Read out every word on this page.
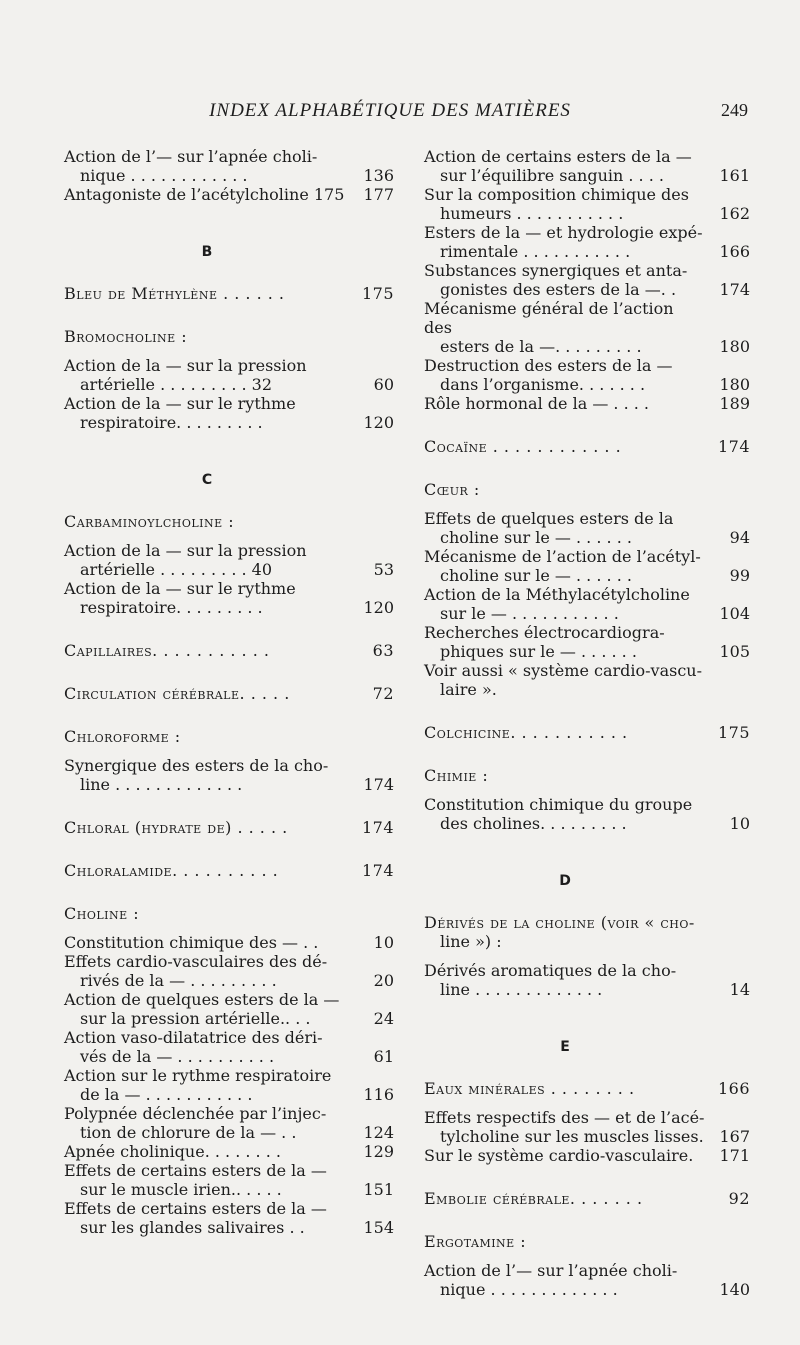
INDEX ALPHABÉTIQUE DES MATIÈRES	249
Action de l’— sur l’apnée choli-
nique . . . . . . . . . . . .	136
Antagoniste de l’acétylcholine 175	177
B
Bleu de Méthylène . . . . . .	175
Bromocholine :
Action de la — sur la pression
artérielle . . . . . . . . . 32	60
Action de la — sur le rythme
respiratoire. . . . . . . . .	120
C
Carbaminoylcholine :
Action de la — sur la pression
artérielle . . . . . . . . . 40	53
Action de la — sur le rythme
respiratoire. . . . . . . . .	120
Capillaires. . . . . . . . . . .	63
Circulation cérébrale. . . . .	72
Chloroforme :
Synergique des esters de la cho-
line . . . . . . . . . . . . .	174
Chloral (hydrate de) . . . . .	174
Chloralamide. . . . . . . . . .	174
Choline :
Constitution chimique des — . .	10
Effets cardio-vasculaires des dé-
rivés de la — . . . . . . . . .	20
Action de quelques esters de la —
sur la pression artérielle.. . .	24
Action vaso-dilatatrice des déri-
vés de la — . . . . . . . . . .	61
Action sur le rythme respiratoire
de la — . . . . . . . . . . .	116
Polypnée déclenchée par l’injec-
tion de chlorure de la — . .	124
Apnée cholinique. . . . . . . .	129
Effets de certains esters de la —
sur le muscle irien.. . . . .	151
Effets de certains esters de la —
sur les glandes salivaires . .	154
Action de certains esters de la —
sur l’équilibre sanguin . . . .	161
Sur la composition chimique des
humeurs . . . . . . . . . . .	162
Esters de la — et hydrologie expé-
rimentale . . . . . . . . . . .	166
Substances synergiques et anta-
gonistes des esters de la —. .	174
Mécanisme général de l’action des
esters de la —. . . . . . . . .	180
Destruction des esters de la —
dans l’organisme. . . . . . .	180
Rôle hormonal de la — . . . .	189
Cocaïne . . . . . . . . . . . .	174
Cœur :
Effets de quelques esters de la
choline sur le — . . . . . .	94
Mécanisme de l’action de l’acétyl-
choline sur le — . . . . . .	99
Action de la Méthylacétylcholine
sur le — . . . . . . . . . . .	104
Recherches électrocardiogra-
phiques sur le — . . . . . .	105
Voir aussi « système cardio-vascu-
laire ».
Colchicine. . . . . . . . . . .	175
Chimie :
Constitution chimique du groupe
des cholines. . . . . . . . .	10
D
Dérivés de la choline (voir « cho-
line ») :
Dérivés aromatiques de la cho-
line . . . . . . . . . . . . .	14
E
Eaux minérales . . . . . . . .	166
Effets respectifs des — et de l’acé-
tylcholine sur les muscles lisses. 167
Sur le système cardio-vasculaire.	171
Embolie cérébrale. . . . . . .	92
Ergotamine :
Action de l’— sur l’apnée choli-
nique . . . . . . . . . . . . .	140
